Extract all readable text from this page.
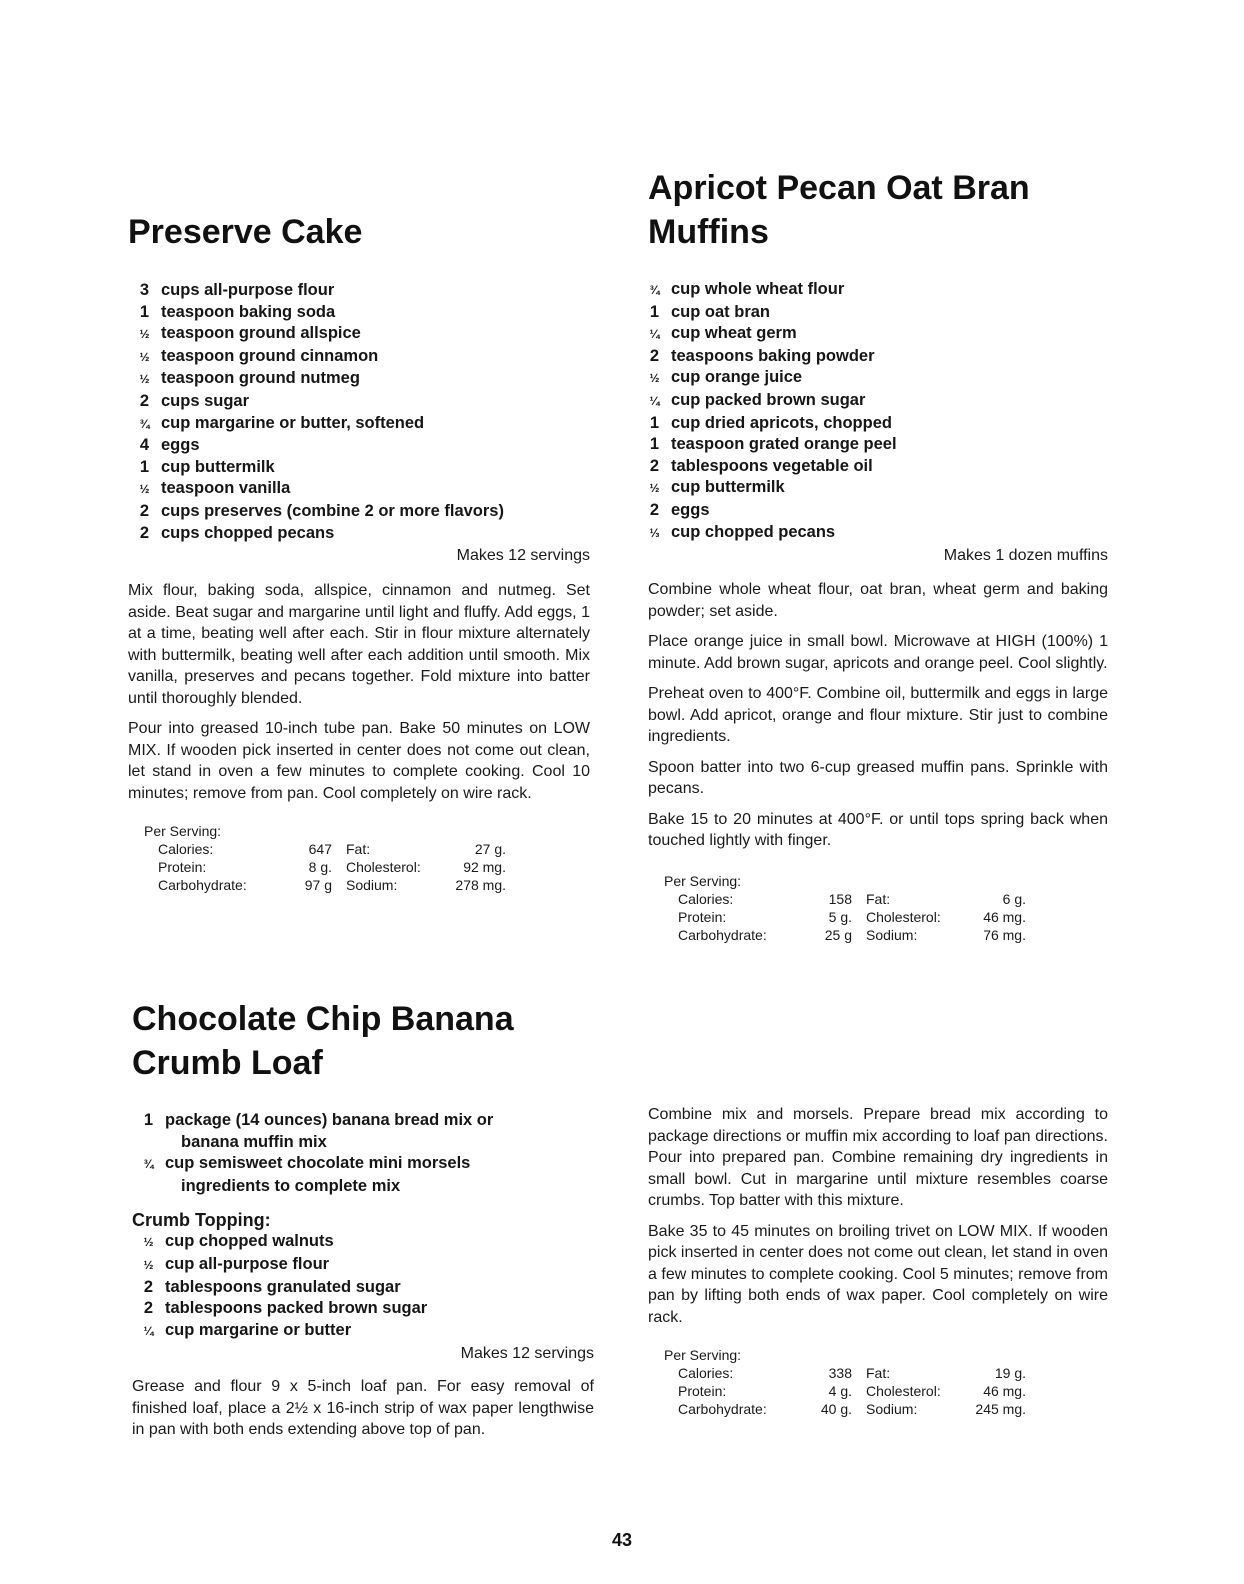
Preserve Cake
3 cups all-purpose flour
1 teaspoon baking soda
½ teaspoon ground allspice
½ teaspoon ground cinnamon
½ teaspoon ground nutmeg
2 cups sugar
¾ cup margarine or butter, softened
4 eggs
1 cup buttermilk
½ teaspoon vanilla
2 cups preserves (combine 2 or more flavors)
2 cups chopped pecans
Makes 12 servings

Mix flour, baking soda, allspice, cinnamon and nutmeg. Set aside. Beat sugar and margarine until light and fluffy. Add eggs, 1 at a time, beating well after each. Stir in flour mixture alternately with buttermilk, beating well after each addition until smooth. Mix vanilla, preserves and pecans together. Fold mixture into batter until thoroughly blended.

Pour into greased 10-inch tube pan. Bake 50 minutes on LOW MIX. If wooden pick inserted in center does not come out clean, let stand in oven a few minutes to complete cooking. Cool 10 minutes; remove from pan. Cool completely on wire rack.

Per Serving:
Calories:	647	Fat:	27 g.
Protein:	8 g.	Cholesterol:	92 mg.
Carbohydrate:	97 g	Sodium:	278 mg.
Apricot Pecan Oat Bran
Muffins
¾ cup whole wheat flour
1 cup oat bran
¼ cup wheat germ
2 teaspoons baking powder
½ cup orange juice
¼ cup packed brown sugar
1 cup dried apricots, chopped
1 teaspoon grated orange peel
2 tablespoons vegetable oil
½ cup buttermilk
2 eggs
⅓ cup chopped pecans
Makes 1 dozen muffins

Combine whole wheat flour, oat bran, wheat germ and baking powder; set aside.

Place orange juice in small bowl. Microwave at HIGH (100%) 1 minute. Add brown sugar, apricots and orange peel. Cool slightly.

Preheat oven to 400°F. Combine oil, buttermilk and eggs in large bowl. Add apricot, orange and flour mixture. Stir just to combine ingredients.

Spoon batter into two 6-cup greased muffin pans. Sprinkle with pecans.

Bake 15 to 20 minutes at 400°F. or until tops spring back when touched lightly with finger.

Per Serving:
Calories:	158	Fat:	6 g.
Protein:	5 g.	Cholesterol:	46 mg.
Carbohydrate:	25 g	Sodium:	76 mg.
Chocolate Chip Banana
Crumb Loaf
1 package (14 ounces) banana bread mix or
banana muffin mix
¾ cup semisweet chocolate mini morsels
ingredients to complete mix
Crumb Topping:
½ cup chopped walnuts
½ cup all-purpose flour
2 tablespoons granulated sugar
2 tablespoons packed brown sugar
¼ cup margarine or butter
Makes 12 servings

Grease and flour 9 x 5-inch loaf pan. For easy removal of finished loaf, place a 2½ x 16-inch strip of wax paper lengthwise in pan with both ends extending above top of pan.

Combine mix and morsels. Prepare bread mix according to package directions or muffin mix according to loaf pan directions. Pour into prepared pan. Combine remaining dry ingredients in small bowl. Cut in margarine until mixture resembles coarse crumbs. Top batter with this mixture.

Bake 35 to 45 minutes on broiling trivet on LOW MIX. If wooden pick inserted in center does not come out clean, let stand in oven a few minutes to complete cooking. Cool 5 minutes; remove from pan by lifting both ends of wax paper. Cool completely on wire rack.

Per Serving:
Calories:	338	Fat:	19 g.
Protein:	4 g.	Cholesterol:	46 mg.
Carbohydrate:	40 g.	Sodium:	245 mg.
43
